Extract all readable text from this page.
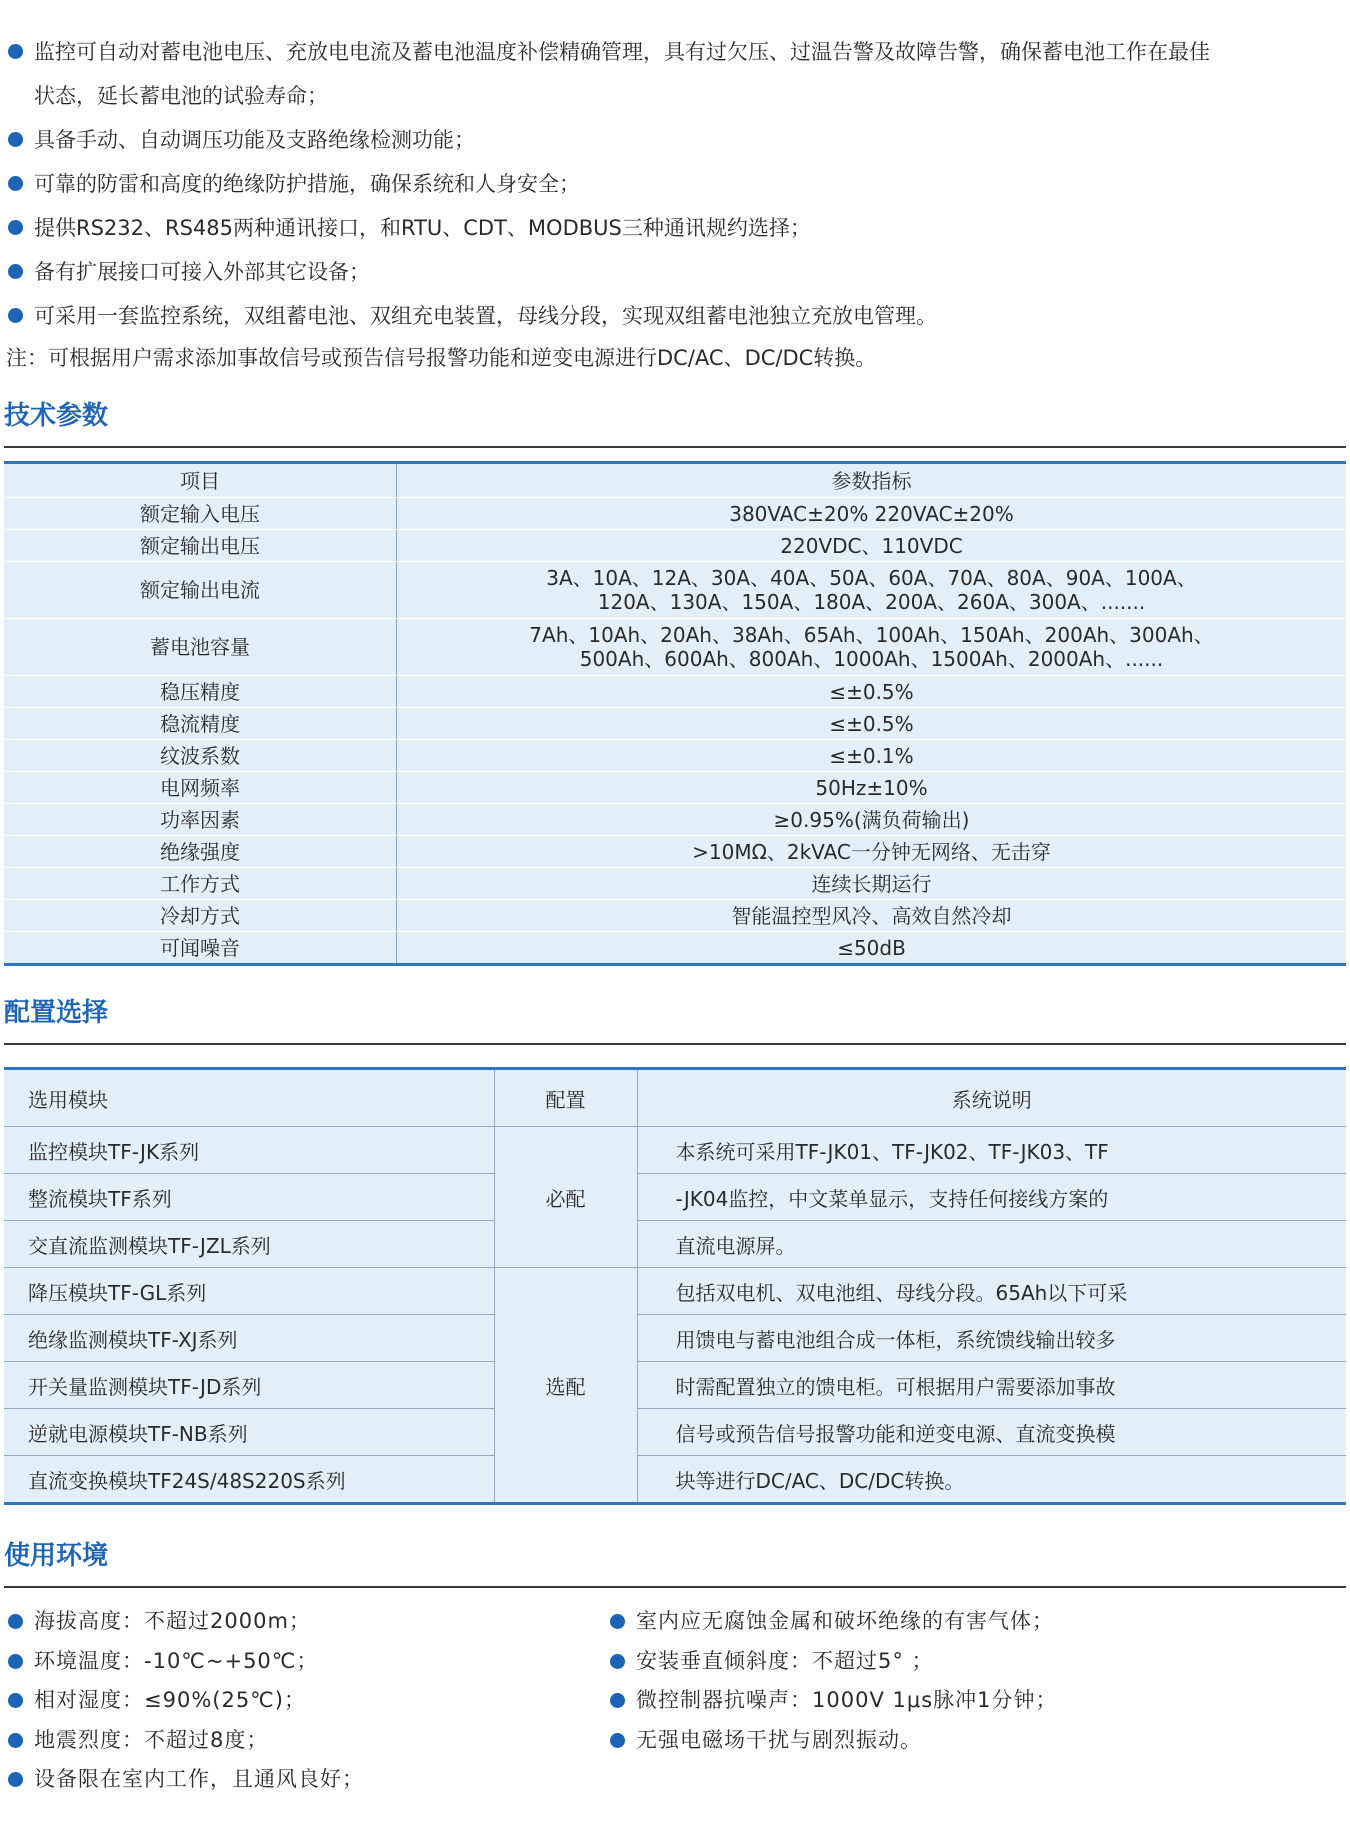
监控可自动对蓄电池电压、充放电电流及蓄电池温度补偿精确管理，具有过欠压、过温告警及故障告警，确保蓄电池工作在最佳
状态，延长蓄电池的试验寿命；
具备手动、自动调压功能及支路绝缘检测功能；
可靠的防雷和高度的绝缘防护措施，确保系统和人身安全；
提供RS232、RS485两种通讯接口，和RTU、CDT、MODBUS三种通讯规约选择；
备有扩展接口可接入外部其它设备；
可采用一套监控系统，双组蓄电池、双组充电装置，母线分段，实现双组蓄电池独立充放电管理。
注：可根据用户需求添加事故信号或预告信号报警功能和逆变电源进行DC/AC、DC/DC转换。
技术参数
项目	参数指标
额定输入电压	380VAC±20% 220VAC±20%
额定输出电压	220VDC、110VDC
额定输出电流	3A、10A、12A、30A、40A、50A、60A、70A、80A、90A、100A、
120A、130A、150A、180A、200A、260A、300A、.......

蓄电池容量	7Ah、10Ah、20Ah、38Ah、65Ah、100Ah、150Ah、200Ah、300Ah、
500Ah、600Ah、800Ah、1000Ah、1500Ah、2000Ah、......

稳压精度	≤±0.5%
稳流精度	≤±0.5%
纹波系数	≤±0.1%
电网频率	50Hz±10%
功率因素	≥0.95%(满负荷输出)
绝缘强度	>10MΩ、2kVAC一分钟无网络、无击穿
工作方式	连续长期运行
冷却方式	智能温控型风冷、高效自然冷却
可闻噪音	≤50dB
配置选择
选用模块	配置	系统说明
监控模块TF-JK系列	必配	本系统可采用TF-JK01、TF-JK02、TF-JK03、TF
整流模块TF系列		-JK04监控，中文菜单显示，支持任何接线方案的
交直流监测模块TF-JZL系列		直流电源屏。
降压模块TF-GL系列	选配	包括双电机、双电池组、母线分段。65Ah以下可采
绝缘监测模块TF-XJ系列		用馈电与蓄电池组合成一体柜，系统馈线输出较多
开关量监测模块TF-JD系列		时需配置独立的馈电柜。可根据用户需要添加事故
逆就电源模块TF-NB系列		信号或预告信号报警功能和逆变电源、直流变换模
直流变换模块TF24S/48S220S系列		块等进行DC/AC、DC/DC转换。
使用环境
海拔高度：不超过2000m；
环境温度：-10℃~+50℃；
相对湿度：≤90%(25℃)；
地震烈度：不超过8度；
设备限在室内工作，且通风良好；
室内应无腐蚀金属和破坏绝缘的有害气体；
安装垂直倾斜度：不超过5° ；
微控制器抗噪声：1000V 1μs脉冲1分钟；
无强电磁场干扰与剧烈振动。
